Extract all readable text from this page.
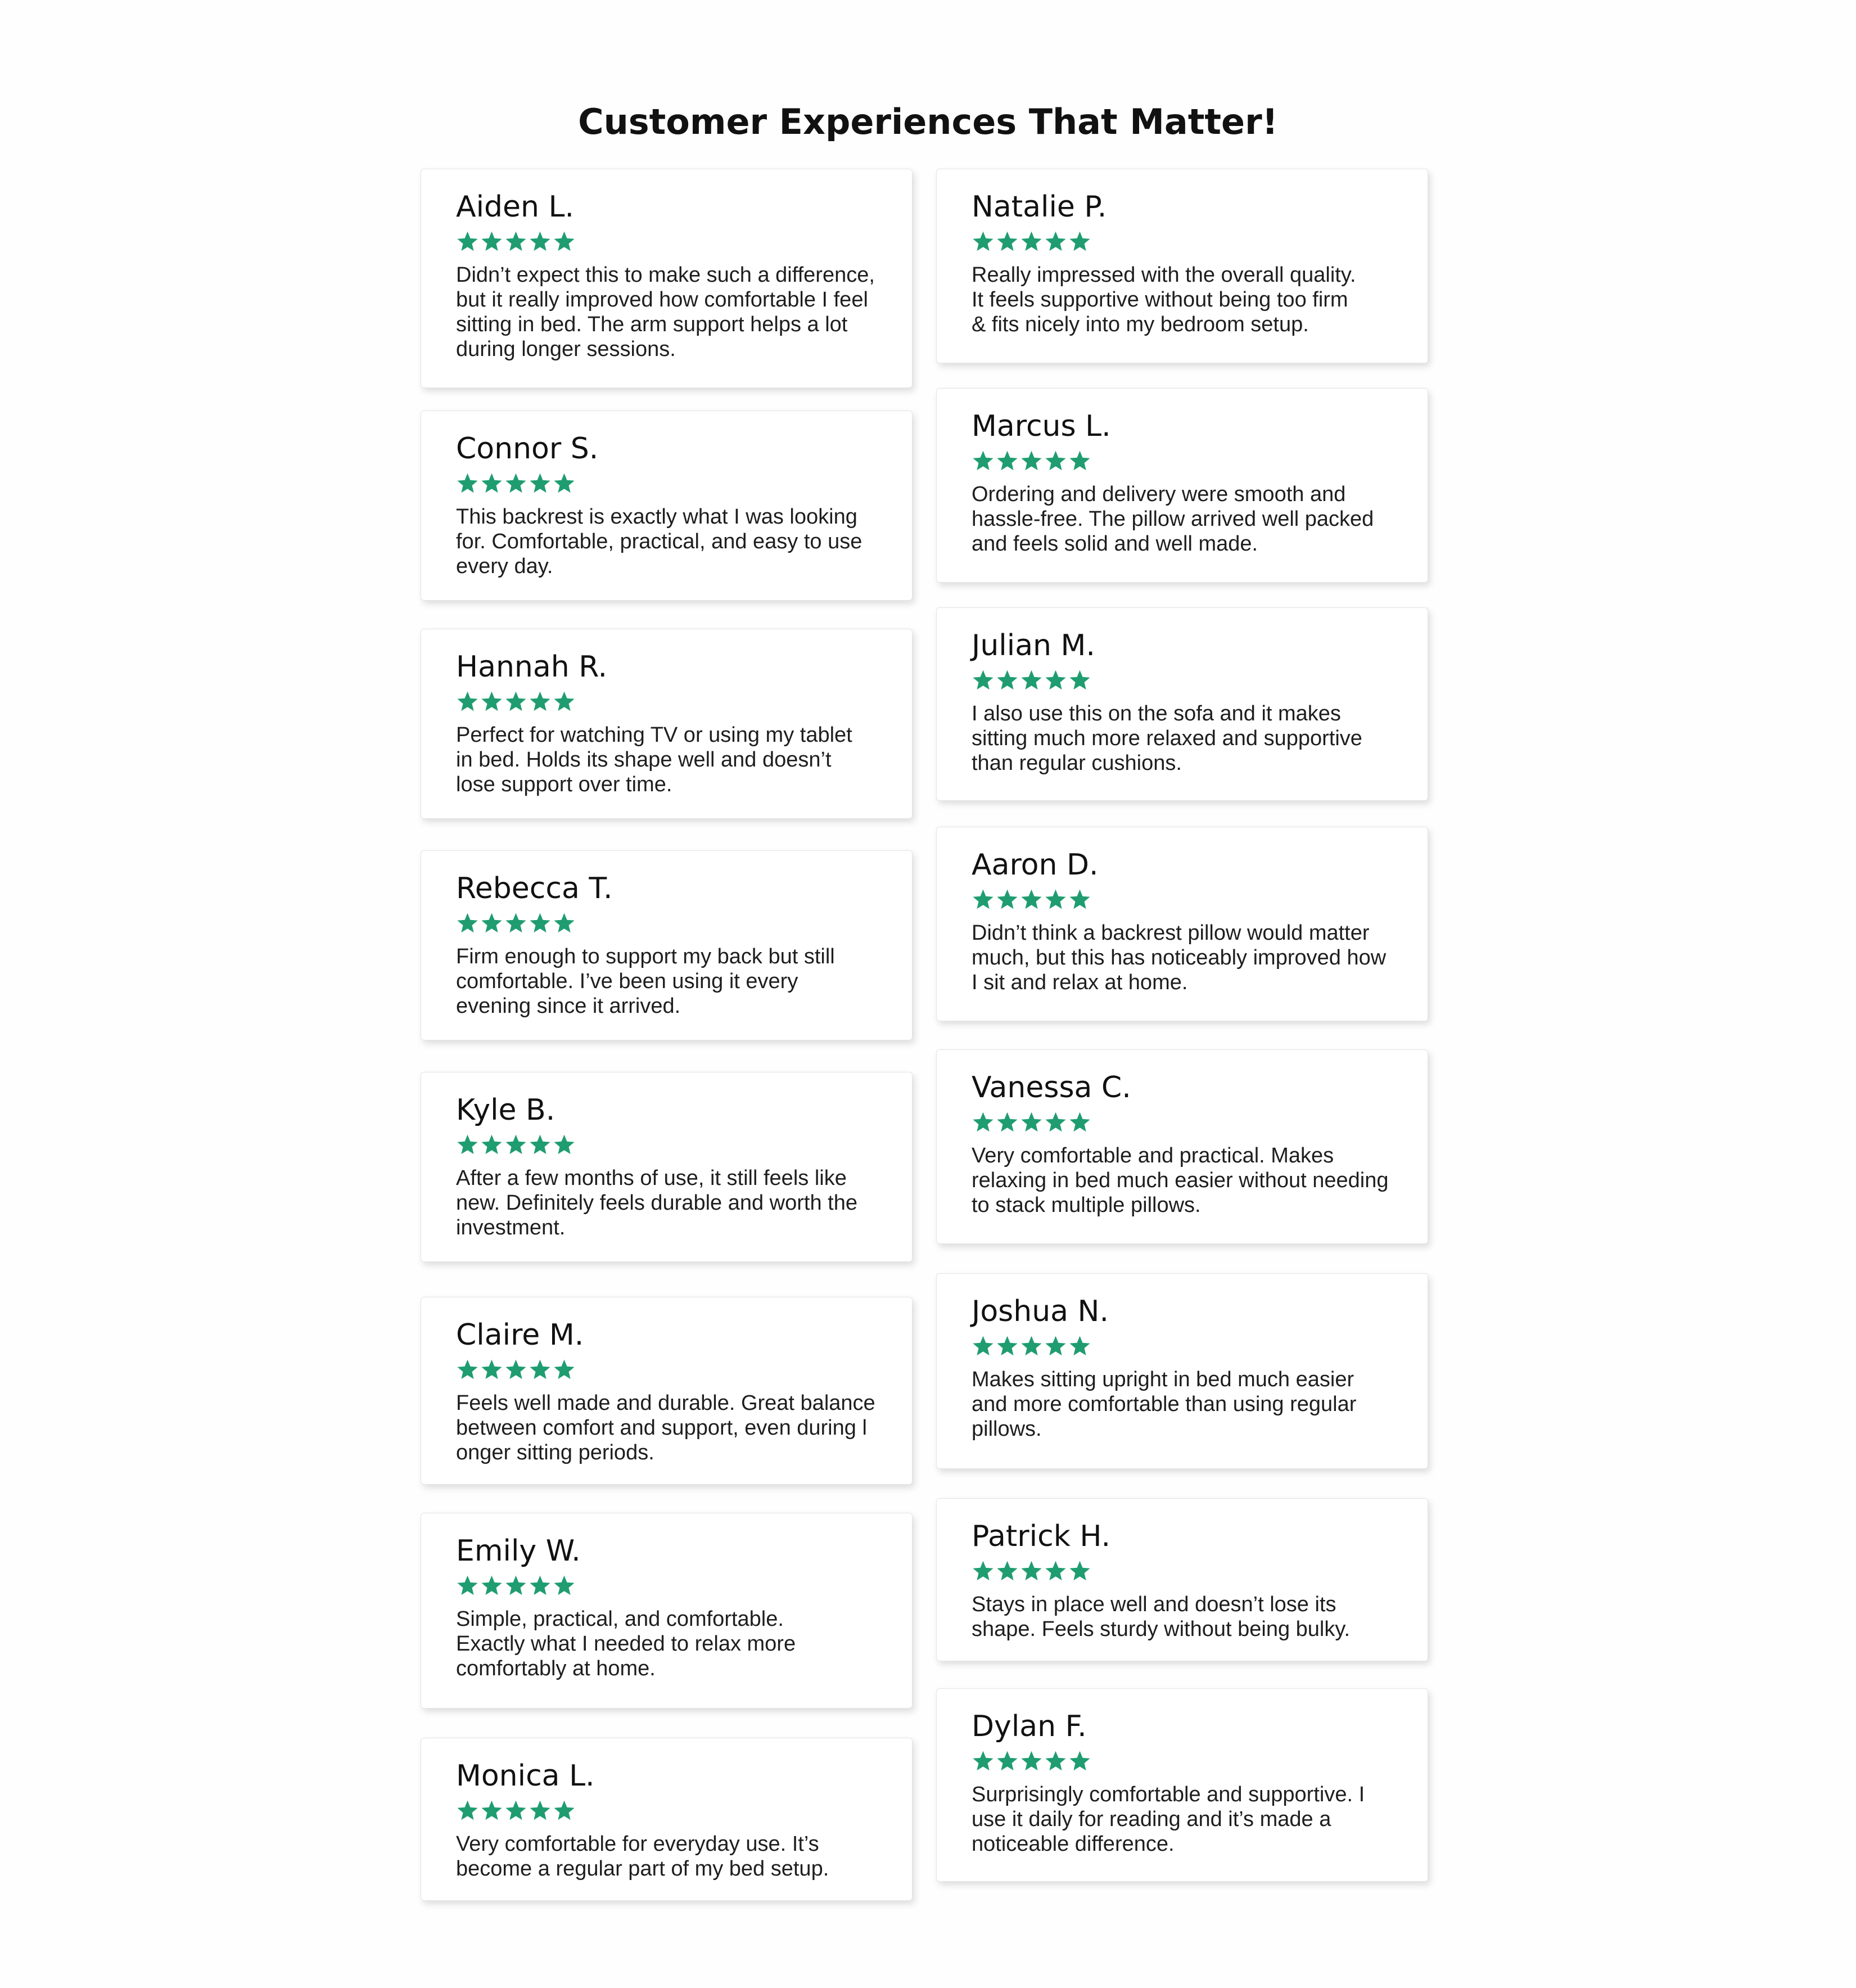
Customer Experiences That Matter!
Aiden L.
Didn’t expect this to make such a difference,
but it really improved how comfortable I feel
sitting in bed. The arm support helps a lot
during longer sessions.
Connor S.
This backrest is exactly what I was looking
for. Comfortable, practical, and easy to use
every day.
Hannah R.
Perfect for watching TV or using my tablet
in bed. Holds its shape well and doesn’t
lose support over time.
Rebecca T.
Firm enough to support my back but still
comfortable. I’ve been using it every
evening since it arrived.
Kyle B.
After a few months of use, it still feels like
new. Definitely feels durable and worth the
investment.
Claire M.
Feels well made and durable. Great balance
between comfort and support, even during l
onger sitting periods.
Emily W.
Simple, practical, and comfortable.
Exactly what I needed to relax more
comfortably at home.
Monica L.
Very comfortable for everyday use. It’s
become a regular part of my bed setup.
Natalie P.
Really impressed with the overall quality.
It feels supportive without being too firm
& fits nicely into my bedroom setup.
Marcus L.
Ordering and delivery were smooth and
hassle-free. The pillow arrived well packed
and feels solid and well made.
Julian M.
I also use this on the sofa and it makes
sitting much more relaxed and supportive
than regular cushions.
Aaron D.
Didn’t think a backrest pillow would matter
much, but this has noticeably improved how
I sit and relax at home.
Vanessa C.
Very comfortable and practical. Makes
relaxing in bed much easier without needing
to stack multiple pillows.
Joshua N.
Makes sitting upright in bed much easier
and more comfortable than using regular
pillows.
Patrick H.
Stays in place well and doesn’t lose its
shape. Feels sturdy without being bulky.
Dylan F.
Surprisingly comfortable and supportive. I
use it daily for reading and it’s made a
noticeable difference.
